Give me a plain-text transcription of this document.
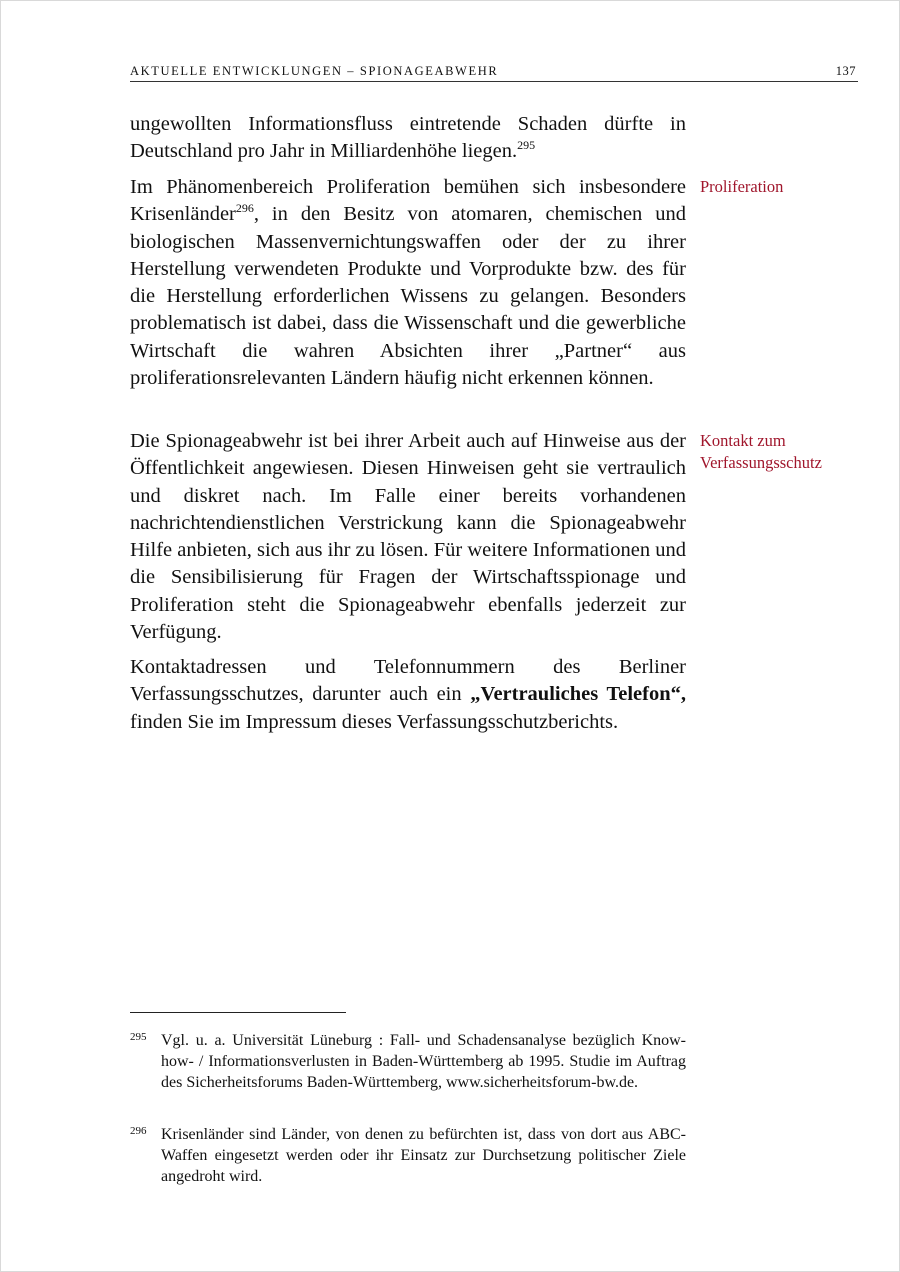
AKTUELLE ENTWICKLUNGEN – SPIONAGEABWEHR	137

ungewollten Informationsfluss eintretende Schaden dürfte in Deutschland pro Jahr in Milliardenhöhe liegen.$^{295}$

Im Phänomenbereich Proliferation bemühen sich insbesondere Krisenländer$^{296}$, in den Besitz von atomaren, chemischen und biologischen Massenvernichtungswaffen oder der zu ihrer Herstellung verwendeten Produkte und Vorprodukte bzw. des für die Herstellung erforderlichen Wissens zu gelangen. Besonders problematisch ist dabei, dass die Wissenschaft und die gewerbliche Wirtschaft die wahren Absichten ihrer „Partner“ aus proliferationsrelevanten Ländern häufig nicht erkennen können.

Die Spionageabwehr ist bei ihrer Arbeit auch auf Hinweise aus der Öffentlichkeit angewiesen. Diesen Hinweisen geht sie vertraulich und diskret nach. Im Falle einer bereits vorhandenen nachrichtendienstlichen Verstrickung kann die Spionageabwehr Hilfe anbieten, sich aus ihr zu lösen. Für weitere Informationen und die Sensibilisierung für Fragen der Wirtschaftsspionage und Proliferation steht die Spionageabwehr ebenfalls jederzeit zur Verfügung.

Kontaktadressen und Telefonnummern des Berliner Verfassungsschutzes, darunter auch ein „Vertrauliches Telefon“, finden Sie im Impressum dieses Verfassungsschutzberichts.

Proliferation
Kontakt zum
Verfassungsschutz
295 Vgl. u. a. Universität Lüneburg : Fall- und Schadensanalyse bezüglich Know-how- / Informationsverlusten in Baden-Württemberg ab 1995. Studie im Auftrag des Sicherheitsforums Baden-Württemberg, www.sicherheitsforum-bw.de.
296 Krisenländer sind Länder, von denen zu befürchten ist, dass von dort aus ABC-Waffen eingesetzt werden oder ihr Einsatz zur Durchsetzung politischer Ziele angedroht wird.
